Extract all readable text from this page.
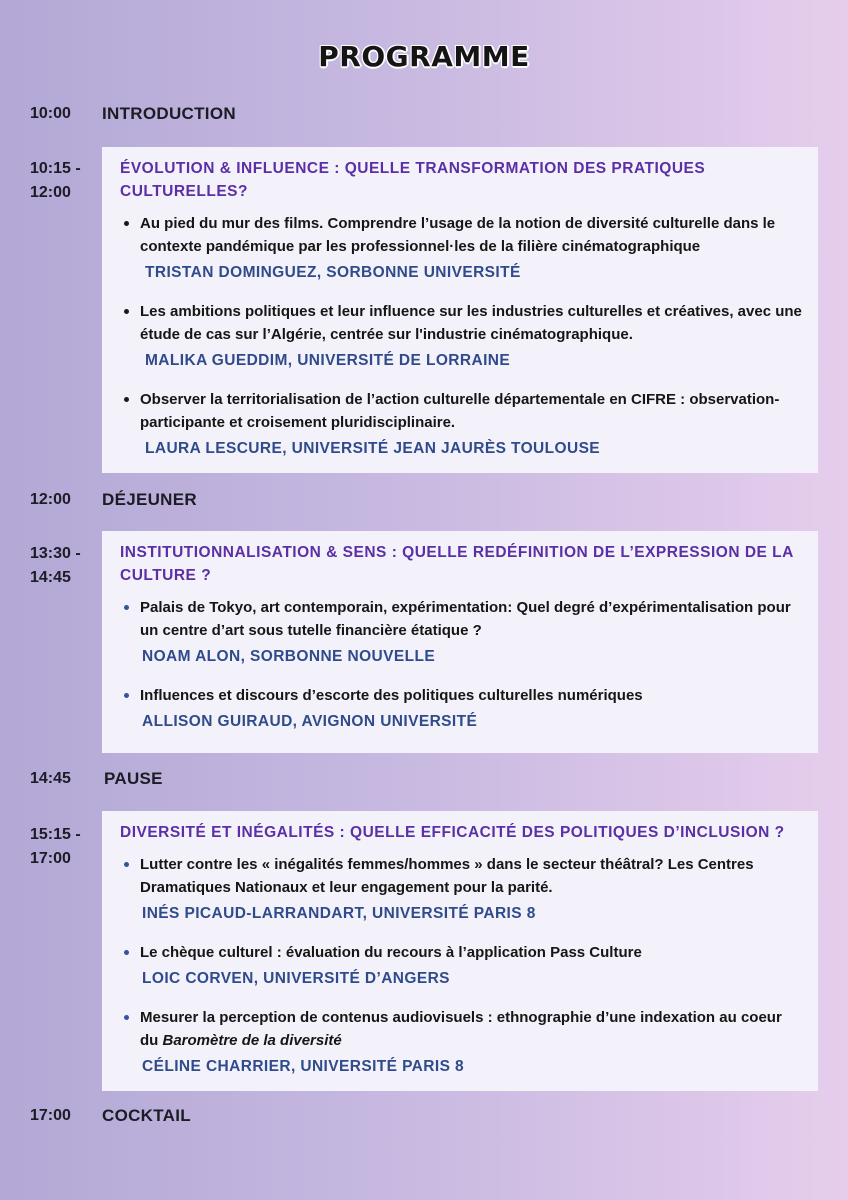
PROGRAMME
10:00	INTRODUCTION
10:15 -
12:00
ÉVOLUTION & INFLUENCE : QUELLE TRANSFORMATION DES PRATIQUES CULTURELLES?
Au pied du mur des films. Comprendre l’usage de la notion de diversité culturelle dans le contexte pandémique par les professionnel·les de la filière cinématographique
TRISTAN DOMINGUEZ, SORBONNE UNIVERSITÉ
Les ambitions politiques et leur influence sur les industries culturelles et créatives, avec une étude de cas sur l’Algérie, centrée sur l'industrie cinématographique.
MALIKA GUEDDIM, UNIVERSITÉ DE LORRAINE
Observer la territorialisation de l’action culturelle départementale en CIFRE : observation-participante et croisement pluridisciplinaire.
LAURA LESCURE, UNIVERSITÉ JEAN JAURÈS TOULOUSE
12:00	DÉJEUNER
13:30 -
14:45
INSTITUTIONNALISATION & SENS : QUELLE REDÉFINITION DE L’EXPRESSION DE LA CULTURE ?
Palais de Tokyo, art contemporain, expérimentation: Quel degré d’expérimentalisation pour un centre d’art sous tutelle financière étatique ?
NOAM ALON, SORBONNE NOUVELLE
Influences et discours d’escorte des politiques culturelles numériques
ALLISON GUIRAUD, AVIGNON UNIVERSITÉ
14:45	PAUSE
15:15 -
17:00
DIVERSITÉ ET INÉGALITÉS : QUELLE EFFICACITÉ DES POLITIQUES D’INCLUSION ?
Lutter contre les « inégalités femmes/hommes » dans le secteur théâtral? Les Centres Dramatiques Nationaux et leur engagement pour la parité.
INÉS PICAUD-LARRANDART, UNIVERSITÉ PARIS 8
Le chèque culturel : évaluation du recours à l’application Pass Culture
LOIC CORVEN, UNIVERSITÉ D’ANGERS
Mesurer la perception de contenus audiovisuels : ethnographie d’une indexation au coeur du Baromètre de la diversité
CÉLINE CHARRIER, UNIVERSITÉ PARIS 8
17:00	COCKTAIL
